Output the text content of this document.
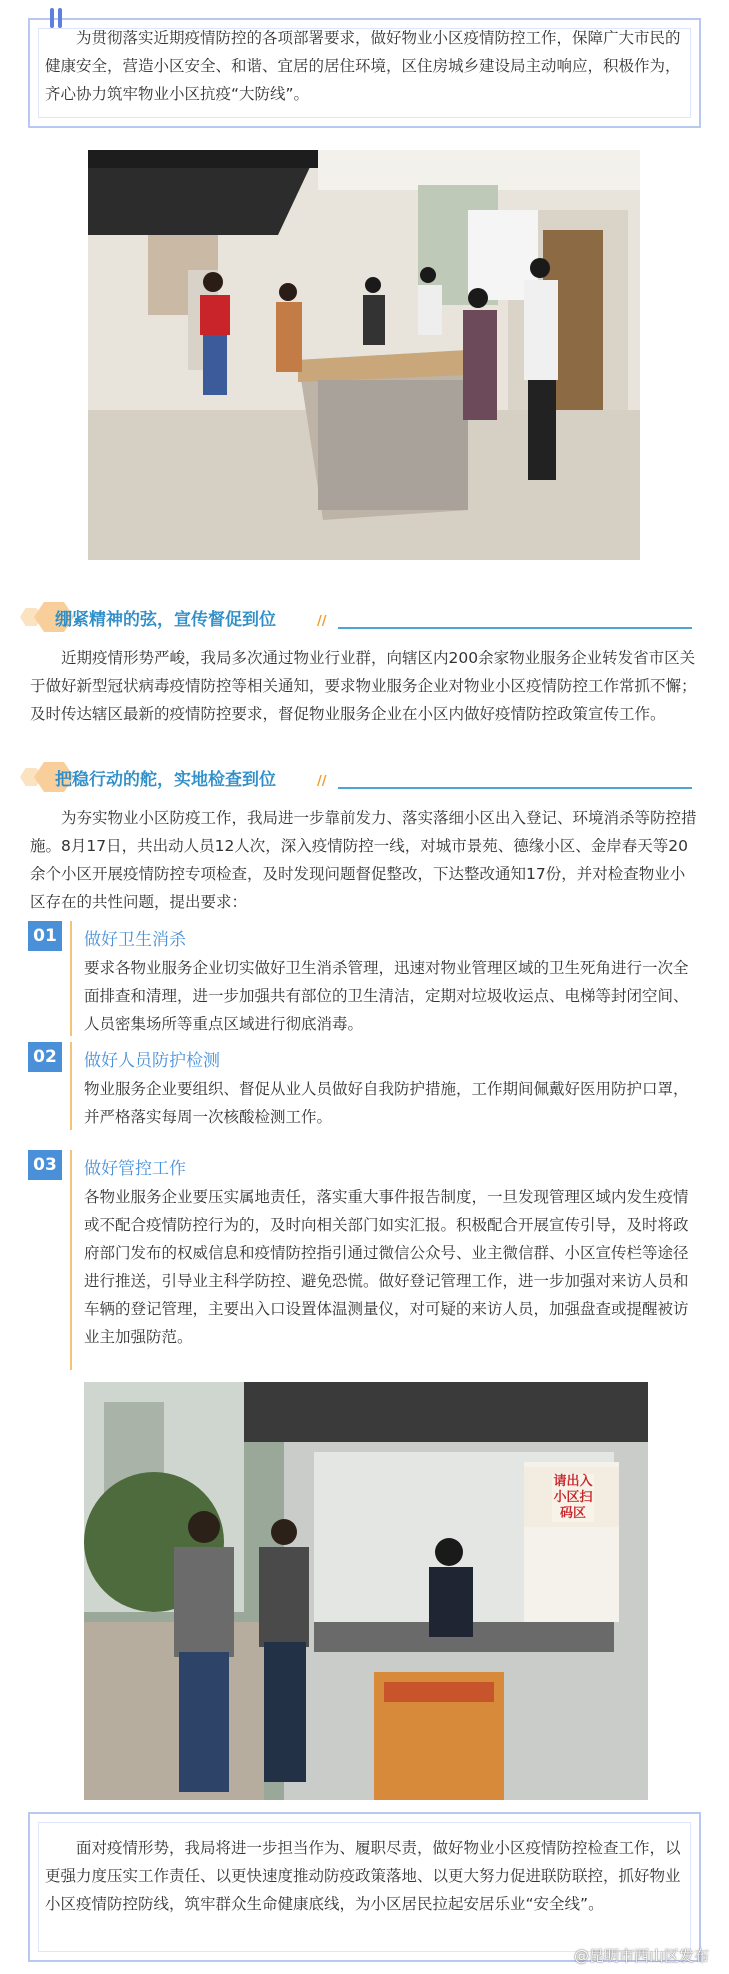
为贯彻落实近期疫情防控的各项部署要求，做好物业小区疫情防控工作，保障广大市民的健康安全，营造小区安全、和谐、宜居的居住环境，区住房城乡建设局主动响应，积极作为，齐心协力筑牢物业小区抗疫“大防线”。
绷紧精神的弦，宣传督促到位	//
近期疫情形势严峻，我局多次通过物业行业群，向辖区内200余家物业服务企业转发省市区关于做好新型冠状病毒疫情防控等相关通知，要求物业服务企业对物业小区疫情防控工作常抓不懈；及时传达辖区最新的疫情防控要求，督促物业服务企业在小区内做好疫情防控政策宣传工作。
把稳行动的舵，实地检查到位	//
为夯实物业小区防疫工作，我局进一步靠前发力、落实落细小区出入登记、环境消杀等防控措施。8月17日，共出动人员12人次，深入疫情防控一线，对城市景苑、德缘小区、金岸春天等20余个小区开展疫情防控专项检查，及时发现问题督促整改，下达整改通知17份，并对检查物业小区存在的共性问题，提出要求：
01	做好卫生消杀
要求各物业服务企业切实做好卫生消杀管理，迅速对物业管理区域的卫生死角进行一次全面排查和清理，进一步加强共有部位的卫生清洁，定期对垃圾收运点、电梯等封闭空间、人员密集场所等重点区域进行彻底消毒。
02	做好人员防护检测
物业服务企业要组织、督促从业人员做好自我防护措施，工作期间佩戴好医用防护口罩，并严格落实每周一次核酸检测工作。
03	做好管控工作
各物业服务企业要压实属地责任，落实重大事件报告制度，一旦发现管理区域内发生疫情或不配合疫情防控行为的，及时向相关部门如实汇报。积极配合开展宣传引导，及时将政府部门发布的权威信息和疫情防控指引通过微信公众号、业主微信群、小区宣传栏等途径进行推送，引导业主科学防控、避免恐慌。做好登记管理工作，进一步加强对来访人员和车辆的登记管理，主要出入口设置体温测量仪，对可疑的来访人员，加强盘查或提醒被访业主加强防范。
请出入小区扫码区
面对疫情形势，我局将进一步担当作为、履职尽责，做好物业小区疫情防控检查工作，以更强力度压实工作责任、以更快速度推动防疫政策落地、以更大努力促进联防联控，抓好物业小区疫情防控防线，筑牢群众生命健康底线，为小区居民拉起安居乐业“安全线”。
@昆明市西山区发布
